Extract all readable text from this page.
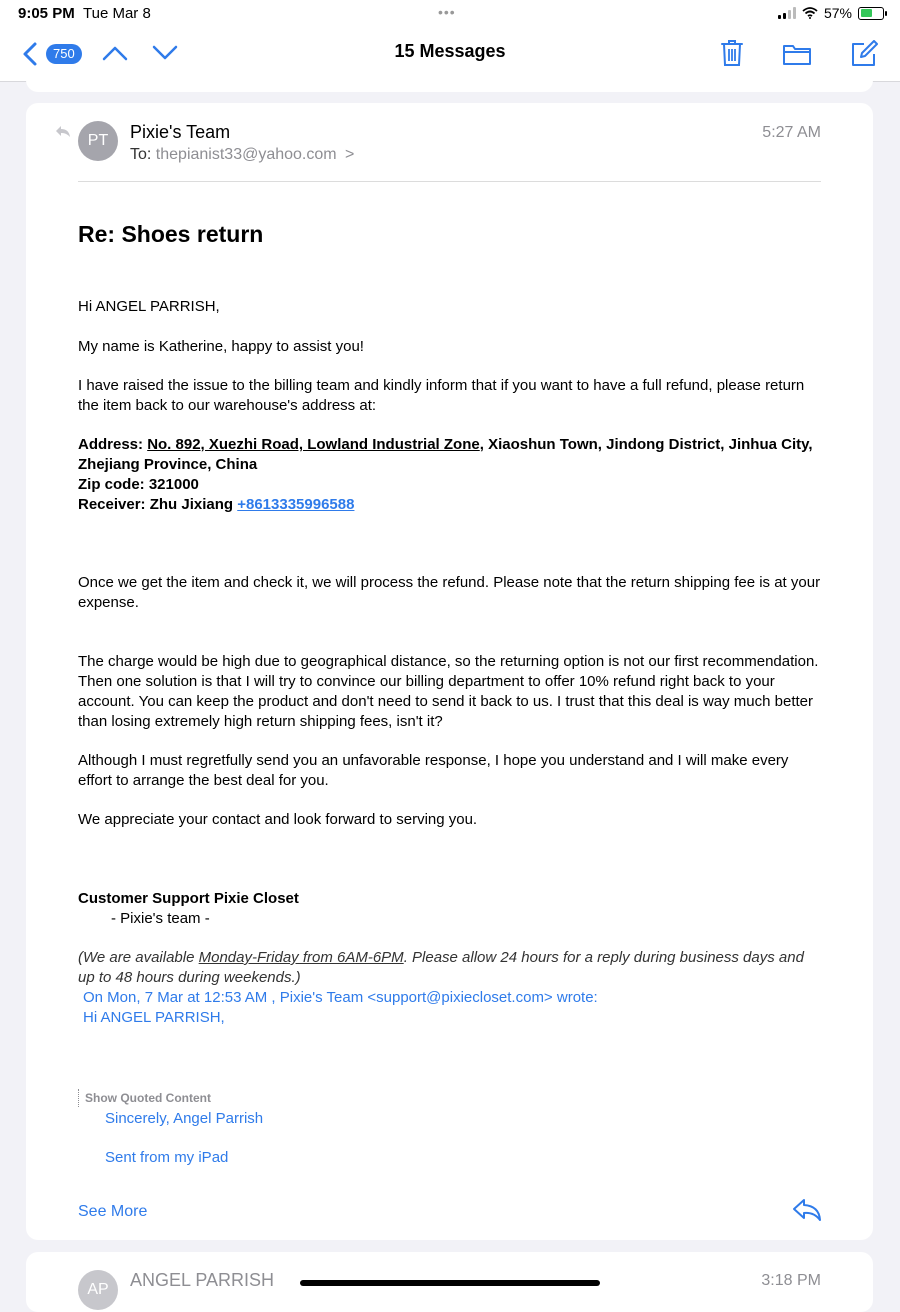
9:05 PM Tue Mar 8	•••	57%
750	15 Messages
PT	Pixie's Team
To: thepianist33@yahoo.com >
5:27 AM
Re: Shoes return

Hi ANGEL PARRISH,

My name is Katherine, happy to assist you!

I have raised the issue to the billing team and kindly inform that if you want to have a full refund, please return the item back to our warehouse's address at:

Address: No. 892, Xuezhi Road, Lowland Industrial Zone, Xiaoshun Town, Jindong District, Jinhua City, Zhejiang Province, China
Zip code: 321000
Receiver: Zhu Jixiang +8613335996588

Once we get the item and check it, we will process the refund. Please note that the return shipping fee is at your expense.

The charge would be high due to geographical distance, so the returning option is not our first recommendation. Then one solution is that I will try to convince our billing department to offer 10% refund right back to your account. You can keep the product and don't need to send it back to us. I trust that this deal is way much better than losing extremely high return shipping fees, isn't it?

Although I must regretfully send you an unfavorable response, I hope you understand and I will make every effort to arrange the best deal for you.

We appreciate your contact and look forward to serving you.

Customer Support Pixie Closet

- Pixie's team -

(We are available Monday-Friday from 6AM-6PM. Please allow 24 hours for a reply during business days and up to 48 hours during weekends.)

On Mon, 7 Mar at 12:53 AM , Pixie's Team <support@pixiecloset.com> wrote:

Hi ANGEL PARRISH,

Sincerely, Angel Parrish

Sent from my iPad

Show Quoted Content
See More
AP	ANGEL PARRISH	3:18 PM
